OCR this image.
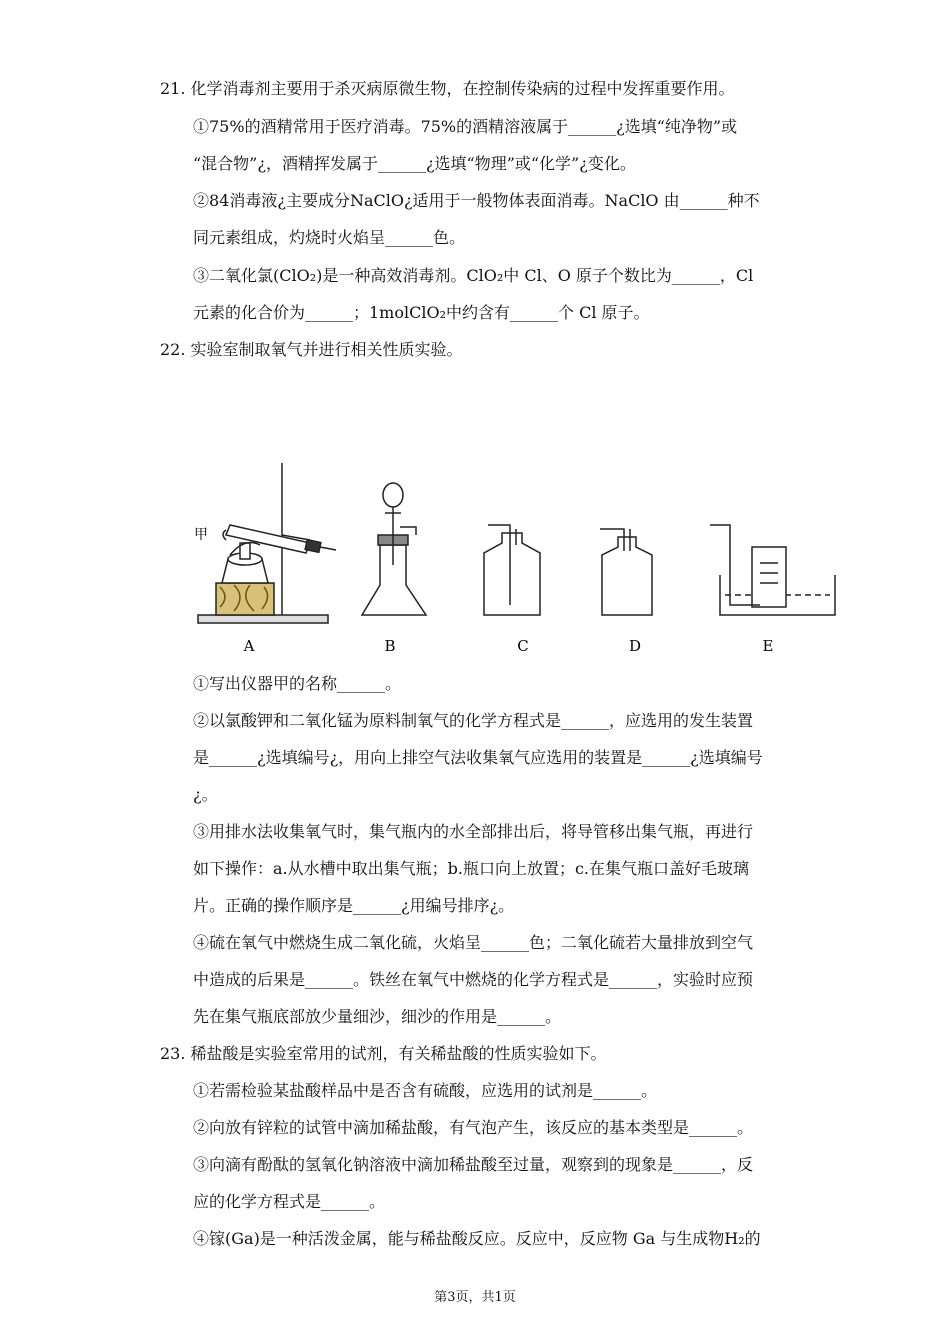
21. 化学消毒剂主要用于杀灭病原微生物，在控制传染病的过程中发挥重要作用。
①75%的酒精常用于医疗消毒。75%的酒精溶液属于______¿选填“纯净物”或
“混合物”¿，酒精挥发属于______¿选填“物理”或“化学”¿变化。
②84消毒液¿主要成分NaClO¿适用于一般物体表面消毒。NaClO 由______种不
同元素组成，灼烧时火焰呈______色。
③二氧化氯(ClO₂)是一种高效消毒剂。ClO₂中 Cl、O 原子个数比为______，Cl
元素的化合价为______；1molClO₂中约含有______个 Cl 原子。
22. 实验室制取氧气并进行相关性质实验。
甲
A	B	C	D	E
①写出仪器甲的名称______。
②以氯酸钾和二氧化锰为原料制氧气的化学方程式是______，应选用的发生装置
是______¿选填编号¿，用向上排空气法收集氧气应选用的装置是______¿选填编号
¿。
③用排水法收集氧气时，集气瓶内的水全部排出后，将导管移出集气瓶，再进行
如下操作：a.从水槽中取出集气瓶；b.瓶口向上放置；c.在集气瓶口盖好毛玻璃
片。正确的操作顺序是______¿用编号排序¿。
④硫在氧气中燃烧生成二氧化硫，火焰呈______色；二氧化硫若大量排放到空气
中造成的后果是______。铁丝在氧气中燃烧的化学方程式是______，实验时应预
先在集气瓶底部放少量细沙，细沙的作用是______。
23. 稀盐酸是实验室常用的试剂，有关稀盐酸的性质实验如下。
①若需检验某盐酸样品中是否含有硫酸，应选用的试剂是______。
②向放有锌粒的试管中滴加稀盐酸，有气泡产生，该反应的基本类型是______。
③向滴有酚酞的氢氧化钠溶液中滴加稀盐酸至过量，观察到的现象是______，反
应的化学方程式是______。
④镓(Ga)是一种活泼金属，能与稀盐酸反应。反应中，反应物 Ga 与生成物H₂的
第3页，共1页
